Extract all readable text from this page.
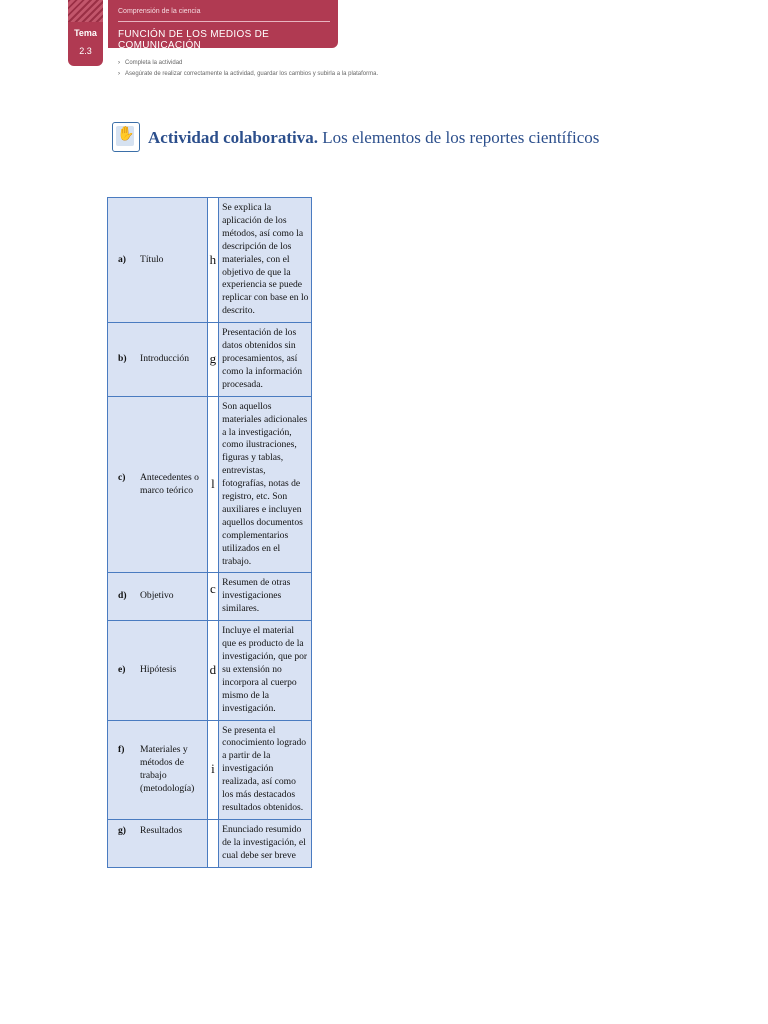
Tema
2.3
Comprensión de la ciencia
FUNCIÓN DE LOS MEDIOS DE COMUNICACIÓN
› Completa la actividad
› Asegúrate de realizar correctamente la actividad, guardar los cambios y subirla a la plataforma.
✋ Actividad colaborativa. Los elementos de los reportes científicos
a) Título	h	Se explica la aplicación de los métodos, así como la descripción de los materiales, con el objetivo de que la experiencia se puede replicar con base en lo descrito.

b) Introducción	g	Presentación de los datos obtenidos sin procesamientos, así como la información procesada.

c) Antecedentes o marco teórico	l	Son aquellos materiales adicionales a la investigación, como ilustraciones, figuras y tablas, entrevistas, fotografías, notas de registro, etc. Son auxiliares e incluyen aquellos documentos complementarios utilizados en el trabajo.

d) Objetivo	c	Resumen de otras investigaciones similares.

e) Hipótesis	d	Incluye el material que es producto de la investigación, que por su extensión no incorpora al cuerpo mismo de la investigación.

f) Materiales y métodos de trabajo (metodología)	i	Se presenta el conocimiento logrado a partir de la investigación realizada, así como los más destacados resultados obtenidos.

g) Resultados		Enunciado resumido de la investigación, el cual debe ser breve
